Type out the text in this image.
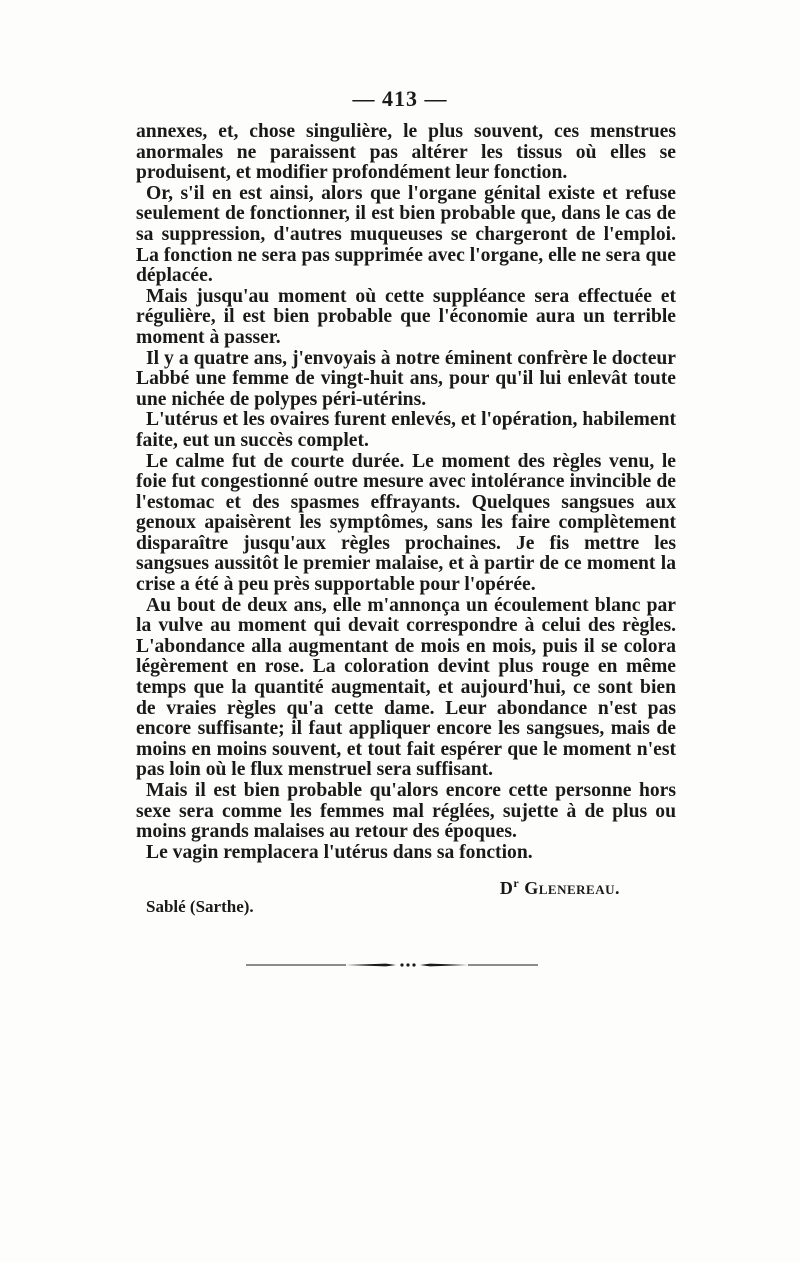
— 413 —

annexes, et, chose singulière, le plus souvent, ces menstrues anormales ne paraissent pas altérer les tissus où elles se produisent, et modifier profondément leur fonction.

Or, s'il en est ainsi, alors que l'organe génital existe et refuse seulement de fonctionner, il est bien probable que, dans le cas de sa suppression, d'autres muqueuses se chargeront de l'emploi. La fonction ne sera pas supprimée avec l'organe, elle ne sera que déplacée.

Mais jusqu'au moment où cette suppléance sera effectuée et régulière, il est bien probable que l'économie aura un terrible moment à passer.

Il y a quatre ans, j'envoyais à notre éminent confrère le docteur Labbé une femme de vingt-huit ans, pour qu'il lui enlevât toute une nichée de polypes péri-utérins.

L'utérus et les ovaires furent enlevés, et l'opération, habilement faite, eut un succès complet.

Le calme fut de courte durée. Le moment des règles venu, le foie fut congestionné outre mesure avec intolérance invincible de l'estomac et des spasmes effrayants. Quelques sangsues aux genoux apaisèrent les symptômes, sans les faire complètement disparaître jusqu'aux règles prochaines. Je fis mettre les sangsues aussitôt le premier malaise, et à partir de ce moment la crise a été à peu près supportable pour l'opérée.

Au bout de deux ans, elle m'annonça un écoulement blanc par la vulve au moment qui devait correspondre à celui des règles. L'abondance alla augmentant de mois en mois, puis il se colora légèrement en rose. La coloration devint plus rouge en même temps que la quantité augmentait, et aujourd'hui, ce sont bien de vraies règles qu'a cette dame. Leur abondance n'est pas encore suffisante; il faut appliquer encore les sangsues, mais de moins en moins souvent, et tout fait espérer que le moment n'est pas loin où le flux menstruel sera suffisant.

Mais il est bien probable qu'alors encore cette personne hors sexe sera comme les femmes mal réglées, sujette à de plus ou moins grands malaises au retour des époques.

Le vagin remplacera l'utérus dans sa fonction.

$D^r$ Glenereau.
Sablé (Sarthe).
